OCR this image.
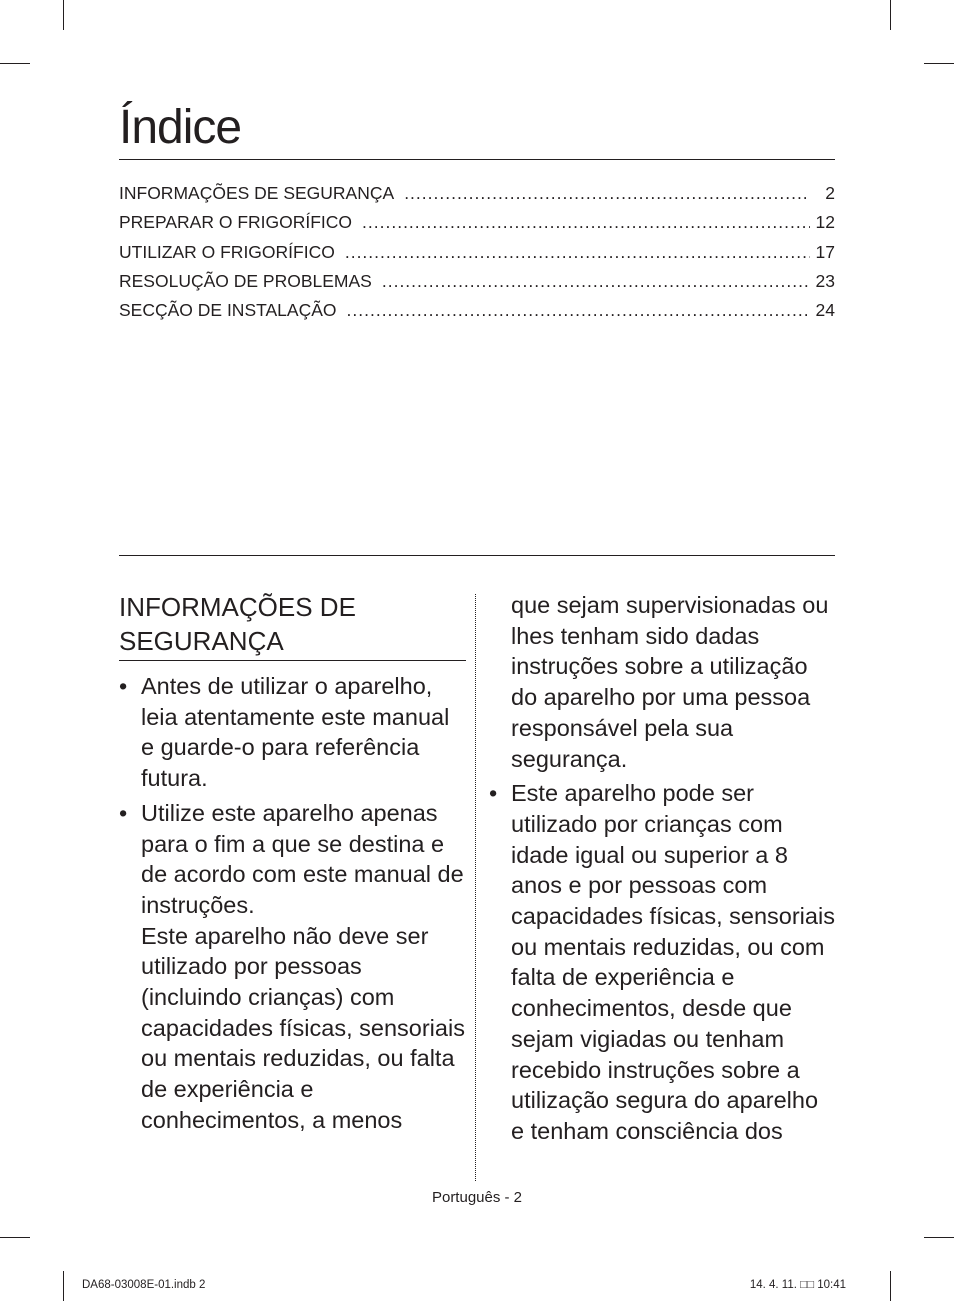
Índice
INFORMAÇÕES DE SEGURANÇA .....	2
PREPARAR O FRIGORÍFICO .....	12
UTILIZAR O FRIGORÍFICO .....	17
RESOLUÇÃO DE PROBLEMAS .....	23
SECÇÃO DE INSTALAÇÃO .....	24
INFORMAÇÕES DE SEGURANÇA
• Antes de utilizar o aparelho, leia atentamente este manual e guarde-o para referência futura.
• Utilize este aparelho apenas para o fim a que se destina e de acordo com este manual de instruções.
Este aparelho não deve ser utilizado por pessoas (incluindo crianças) com capacidades físicas, sensoriais ou mentais reduzidas, ou falta de experiência e conhecimentos, a menos

que sejam supervisionadas ou lhes tenham sido dadas instruções sobre a utilização do aparelho por uma pessoa responsável pela sua segurança.

• Este aparelho pode ser utilizado por crianças com idade igual ou superior a 8 anos e por pessoas com capacidades físicas, sensoriais ou mentais reduzidas, ou com falta de experiência e conhecimentos, desde que sejam vigiadas ou tenham recebido instruções sobre a utilização segura do aparelho e tenham consciência dos
Português - 2
DA68-03008E-01.indb 2	14. 4. 11. □□ 10:41
